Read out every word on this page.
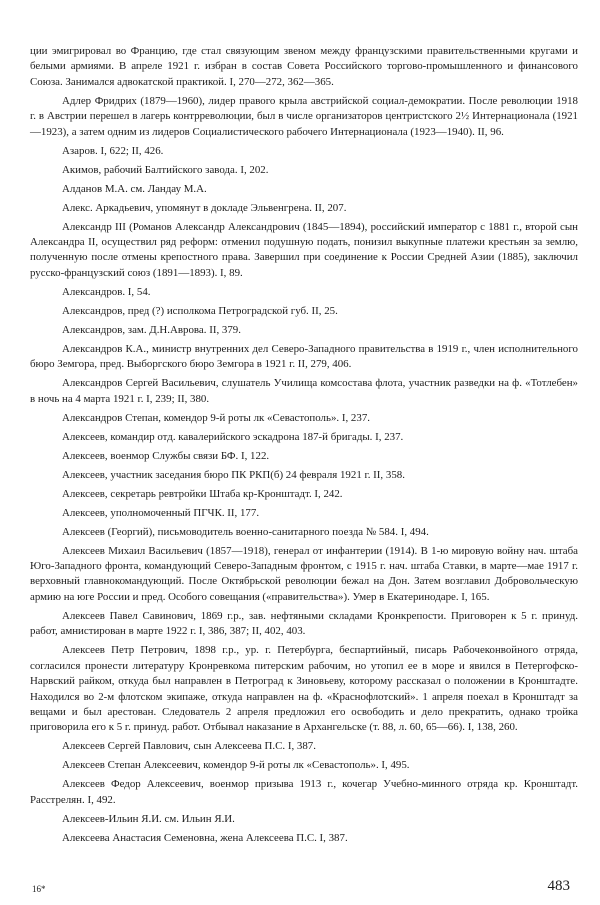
ции эмигрировал во Францию, где стал связующим звеном между французскими правительственными кругами и белыми армиями. В апреле 1921 г. избран в состав Совета Российского торгово-промышленного и финансового Союза. Занимался адвокатской практикой. I, 270—272, 362—365.

Адлер Фридрих (1879—1960), лидер правого крыла австрийской социал-демократии. После революции 1918 г. в Австрии перешел в лагерь контрреволюции, был в числе организаторов центристского 2½ Интернационала (1921—1923), а затем одним из лидеров Социалистического рабочего Интернационала (1923—1940). II, 96.

Азаров. I, 622; II, 426.

Акимов, рабочий Балтийского завода. I, 202.

Алданов М.А. см. Ландау М.А.

Алекс. Аркадьевич, упомянут в докладе Эльвенгрена. II, 207.

Александр III (Романов Александр Александрович (1845—1894), российский император с 1881 г., второй сын Александра II, осуществил ряд реформ: отменил подушную подать, понизил выкупные платежи крестьян за землю, полученную после отмены крепостного права. Завершил при соединение к России Средней Азии (1885), заключил русско-французский союз (1891—1893). I, 89.

Александров. I, 54.

Александров, пред (?) исполкома Петроградской губ. II, 25.

Александров, зам. Д.Н.Аврова. II, 379.

Александров К.А., министр внутренних дел Северо-Западного правительства в 1919 г., член исполнительного бюро Земгора, пред. Выборгского бюро Земгора в 1921 г. II, 279, 406.

Александров Сергей Васильевич, слушатель Училища комсостава флота, участник разведки на ф. «Тотлебен» в ночь на 4 марта 1921 г. I, 239; II, 380.

Александров Степан, комендор 9-й роты лк «Севастополь». I, 237.

Алексеев, командир отд. кавалерийского эскадрона 187-й бригады. I, 237.

Алексеев, военмор Службы связи БФ. I, 122.

Алексеев, участник заседания бюро ПК РКП(б) 24 февраля 1921 г. II, 358.

Алексеев, секретарь ревтройки Штаба кр-Кронштадт. I, 242.

Алексеев, уполномоченный ПГЧК. II, 177.

Алексеев (Георгий), письмоводитель военно-санитарного поезда № 584. I, 494.

Алексеев Михаил Васильевич (1857—1918), генерал от инфантерии (1914). В 1-ю мировую войну нач. штаба Юго-Западного фронта, командующий Северо-Западным фронтом, с 1915 г. нач. штаба Ставки, в марте—мае 1917 г. верховный главнокомандующий. После Октябрьской революции бежал на Дон. Затем возглавил Добровольческую армию на юге России и пред. Особого совещания («правительства»). Умер в Екатеринодаре. I, 165.

Алексеев Павел Савинович, 1869 г.р., зав. нефтяными складами Кронкрепости. Приговорен к 5 г. принуд. работ, амнистирован в марте 1922 г. I, 386, 387; II, 402, 403.

Алексеев Петр Петрович, 1898 г.р., ур. г. Петербурга, беспартийный, писарь Рабочеконвойного отряда, согласился пронести литературу Кронревкома питерским рабочим, но утопил ее в море и явился в Петергофско-Нарвский райком, откуда был направлен в Петроград к Зиновьеву, которому рассказал о положении в Кронштадте. Находился во 2-м флотском экипаже, откуда направлен на ф. «Краснофлотский». 1 апреля поехал в Кронштадт за вещами и был арестован. Следователь 2 апреля предложил его освободить и дело прекратить, однако тройка приговорила его к 5 г. принуд. работ. Отбывал наказание в Архангельске (т. 88, л. 60, 65—66). I, 138, 260.

Алексеев Сергей Павлович, сын Алексеева П.С. I, 387.

Алексеев Степан Алексеевич, комендор 9-й роты лк «Севастополь». I, 495.

Алексеев Федор Алексеевич, военмор призыва 1913 г., кочегар Учебно-минного отряда кр. Кронштадт. Расстрелян. I, 492.

Алексеев-Ильин Я.И. см. Ильин Я.И.

Алексеева Анастасия Семеновна, жена Алексеева П.С. I, 387.

16*	483
